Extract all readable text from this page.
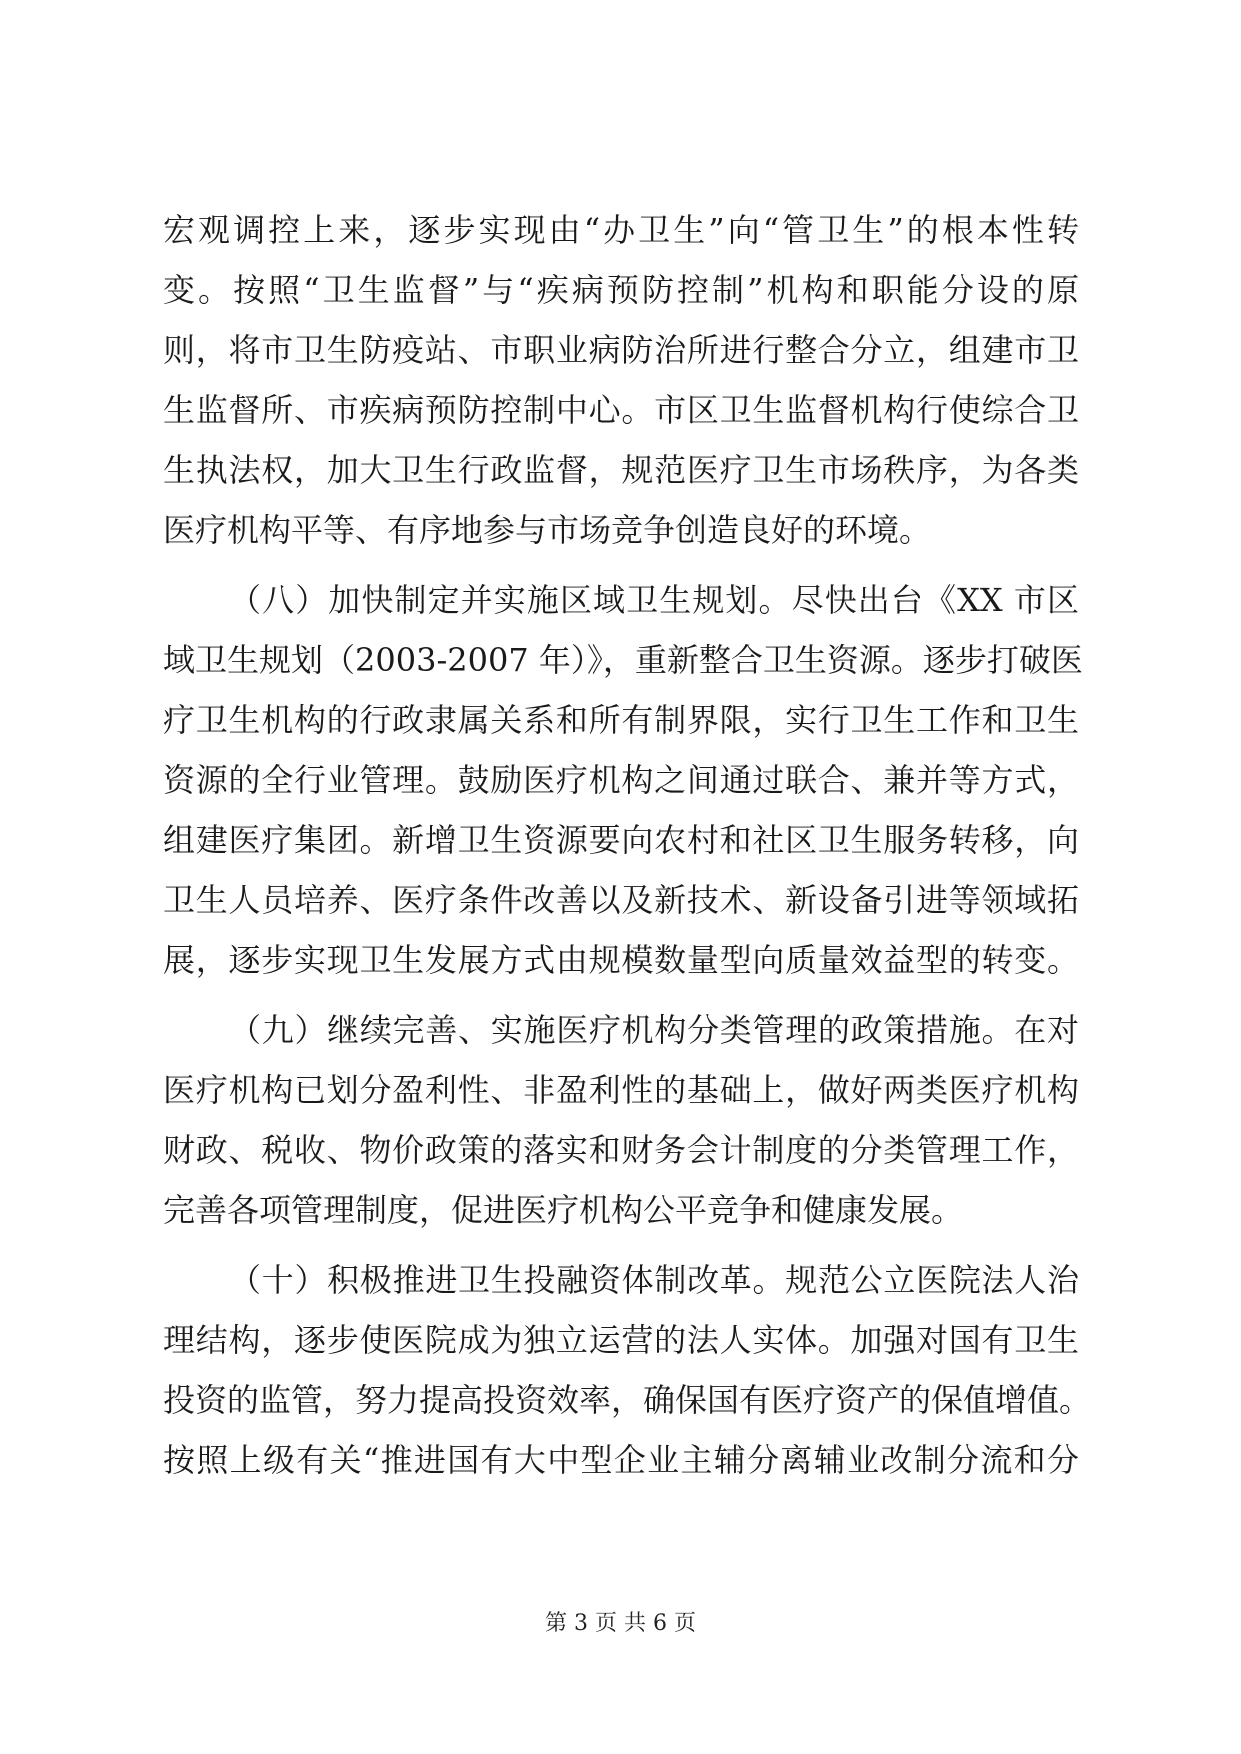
宏观调控上来，逐步实现由“办卫生”向“管卫生”的根本性转
变。按照“卫生监督”与“疾病预防控制”机构和职能分设的原
则，将市卫生防疫站、市职业病防治所进行整合分立，组建市卫
生监督所、市疾病预防控制中心。市区卫生监督机构行使综合卫
生执法权，加大卫生行政监督，规范医疗卫生市场秩序，为各类
医疗机构平等、有序地参与市场竞争创造良好的环境。
（八）加快制定并实施区域卫生规划。尽快出台《XX 市区
域卫生规划（2003-2007 年）》，重新整合卫生资源。逐步打破医
疗卫生机构的行政隶属关系和所有制界限，实行卫生工作和卫生
资源的全行业管理。鼓励医疗机构之间通过联合、兼并等方式，
组建医疗集团。新增卫生资源要向农村和社区卫生服务转移，向
卫生人员培养、医疗条件改善以及新技术、新设备引进等领域拓
展，逐步实现卫生发展方式由规模数量型向质量效益型的转变。
（九）继续完善、实施医疗机构分类管理的政策措施。在对
医疗机构已划分盈利性、非盈利性的基础上，做好两类医疗机构
财政、税收、物价政策的落实和财务会计制度的分类管理工作，
完善各项管理制度，促进医疗机构公平竞争和健康发展。
（十）积极推进卫生投融资体制改革。规范公立医院法人治
理结构，逐步使医院成为独立运营的法人实体。加强对国有卫生
投资的监管，努力提高投资效率，确保国有医疗资产的保值增值。
按照上级有关“推进国有大中型企业主辅分离辅业改制分流和分
第 3 页 共 6 页
